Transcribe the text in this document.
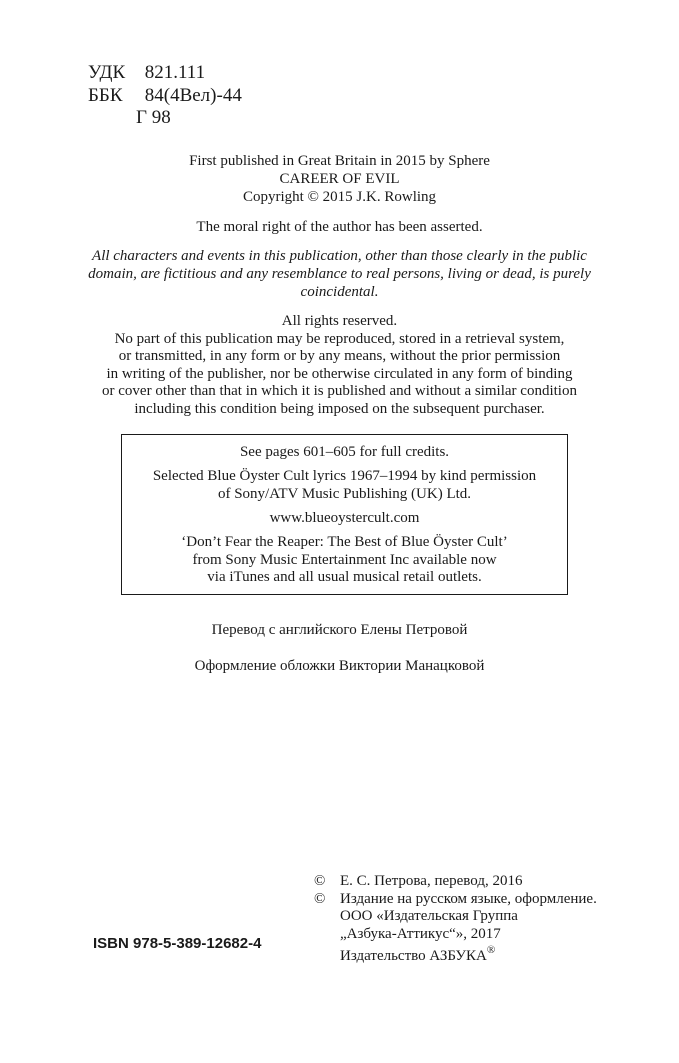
УДК 821.111
ББК 84(4Вел)-44
Г 98
First published in Great Britain in 2015 by Sphere
CAREER OF EVIL
Copyright © 2015 J.K. Rowling
The moral right of the author has been asserted.
All characters and events in this publication, other than those clearly in the public
domain, are fictitious and any resemblance to real persons, living or dead, is purely
coincidental.
All rights reserved.
No part of this publication may be reproduced, stored in a retrieval system,
or transmitted, in any form or by any means, without the prior permission
in writing of the publisher, nor be otherwise circulated in any form of binding
or cover other than that in which it is published and without a similar condition
including this condition being imposed on the subsequent purchaser.
See pages 601–605 for full credits.
Selected Blue Öyster Cult lyrics 1967–1994 by kind permission
of Sony/ATV Music Publishing (UK) Ltd.
www.blueoystercult.com
‘Don’t Fear the Reaper: The Best of Blue Öyster Cult’
from Sony Music Entertainment Inc available now
via iTunes and all usual musical retail outlets.
Перевод с английского Елены Петровой
Оформление обложки Виктории Манацковой
© Е. С. Петрова, перевод, 2016
© Издание на русском языке, оформление.
ООО «Издательская Группа
„Азбука-Аттикус“», 2017
Издательство АЗБУКА®
ISBN 978-5-389-12682-4
